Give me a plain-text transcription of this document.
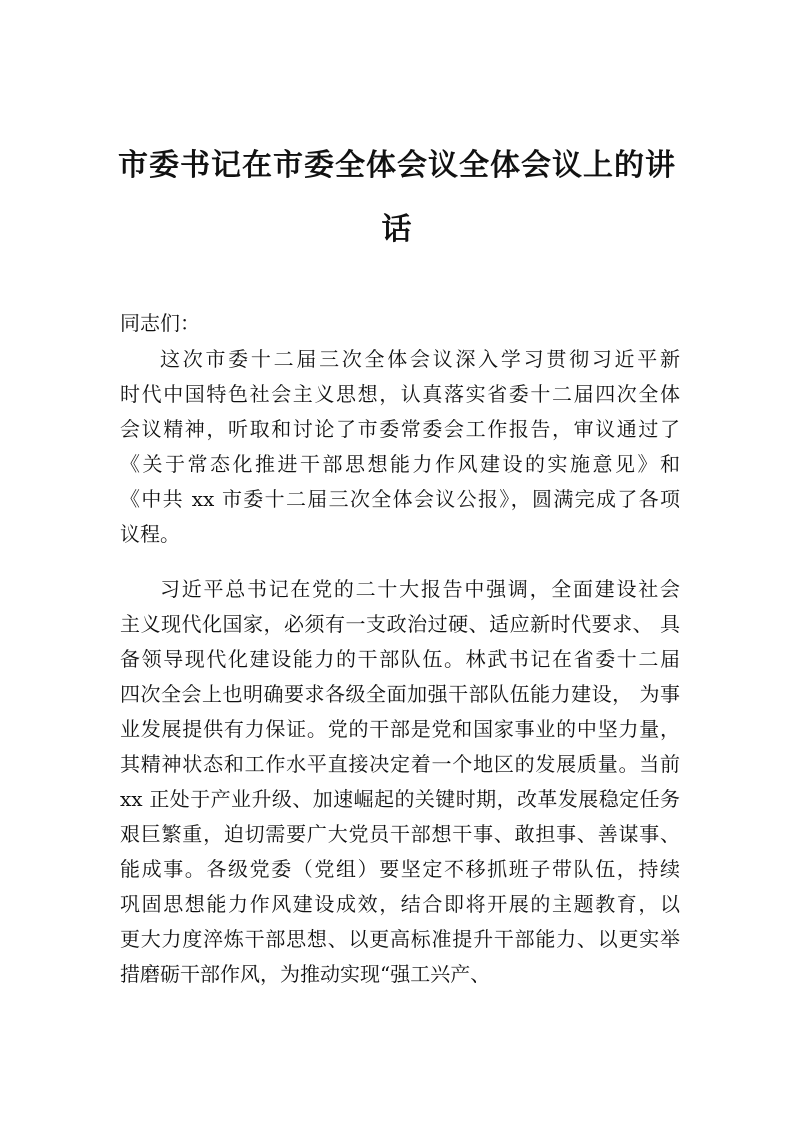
市委书记在市委全体会议全体会议上的讲
话
同志们：
这次市委十二届三次全体会议深入学习贯彻习近平新
时代中国特色社会主义思想，认真落实省委十二届四次全体
会议精神，听取和讨论了市委常委会工作报告，审议通过了
《关于常态化推进干部思想能力作风建设的实施意见》和
《中共 xx 市委十二届三次全体会议公报》，圆满完成了各项
议程。
习近平总书记在党的二十大报告中强调，全面建设社会
主义现代化国家，必须有一支政治过硬、适应新时代要求、 具
备领导现代化建设能力的干部队伍。林武书记在省委十二届
四次全会上也明确要求各级全面加强干部队伍能力建设， 为事
业发展提供有力保证。党的干部是党和国家事业的中坚力量，
其精神状态和工作水平直接决定着一个地区的发展质量。当前
xx 正处于产业升级、加速崛起的关键时期，改革发展稳定任务
艰巨繁重，迫切需要广大党员干部想干事、敢担事、善谋事、
能成事。各级党委（党组）要坚定不移抓班子带队伍，持续
巩固思想能力作风建设成效，结合即将开展的主题教育，以
更大力度淬炼干部思想、以更高标准提升干部能力、以更实举
措磨砺干部作风，为推动实现“强工兴产、
